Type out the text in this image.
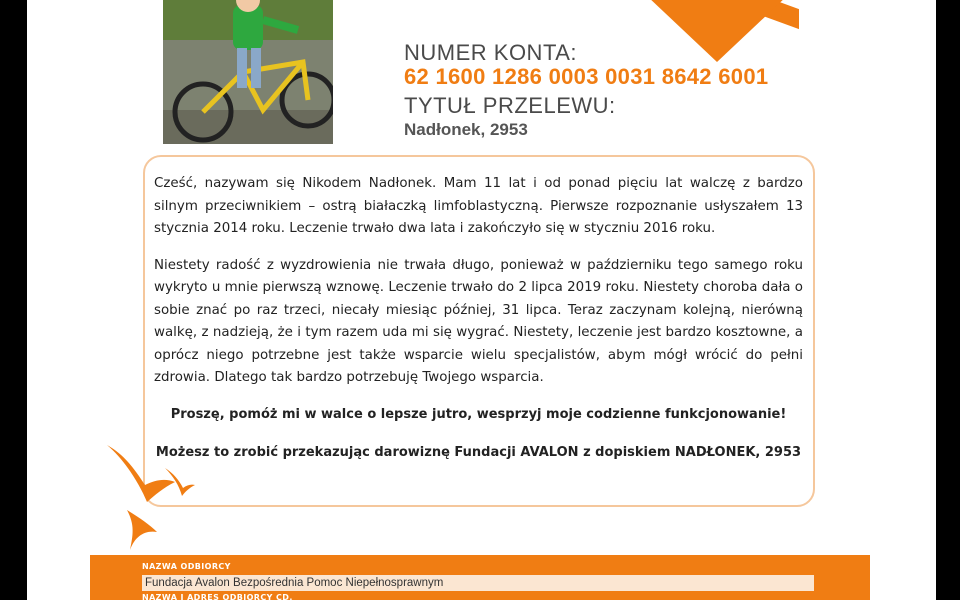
NUMER KONTA:
62 1600 1286 0003 0031 8642 6001
TYTUŁ PRZELEWU:
Nadłonek, 2953

Cześć, nazywam się Nikodem Nadłonek. Mam 11 lat i od ponad pięciu lat walczę z bardzo silnym przeciwnikiem – ostrą białaczką limfoblastyczną. Pierwsze rozpoznanie usłyszałem 13 stycznia 2014 roku. Leczenie trwało dwa lata i zakończyło się w styczniu 2016 roku.

Niestety radość z wyzdrowienia nie trwała długo, ponieważ w październiku tego samego roku wykryto u mnie pierwszą wznowę. Leczenie trwało do 2 lipca 2019 roku. Niestety choroba dała o sobie znać po raz trzeci, niecały miesiąc później, 31 lipca. Teraz zaczynam kolejną, nierówną walkę, z nadzieją, że i tym razem uda mi się wygrać. Niestety, leczenie jest bardzo kosztowne, a oprócz niego potrzebne jest także wsparcie wielu specjalistów, abym mógł wrócić do pełni zdrowia. Dlatego tak bardzo potrzebuję Twojego wsparcia.

Proszę, pomóż mi w walce o lepsze jutro, wesprzyj moje codzienne funkcjonowanie!

Możesz to zrobić przekazując darowiznę Fundacji AVALON z dopiskiem NADŁONEK, 2953

NAZWA ODBIORCY
Fundacja Avalon Bezpośrednia Pomoc Niepełnosprawnym
NAZWA I ADRES ODBIORCY CD.
